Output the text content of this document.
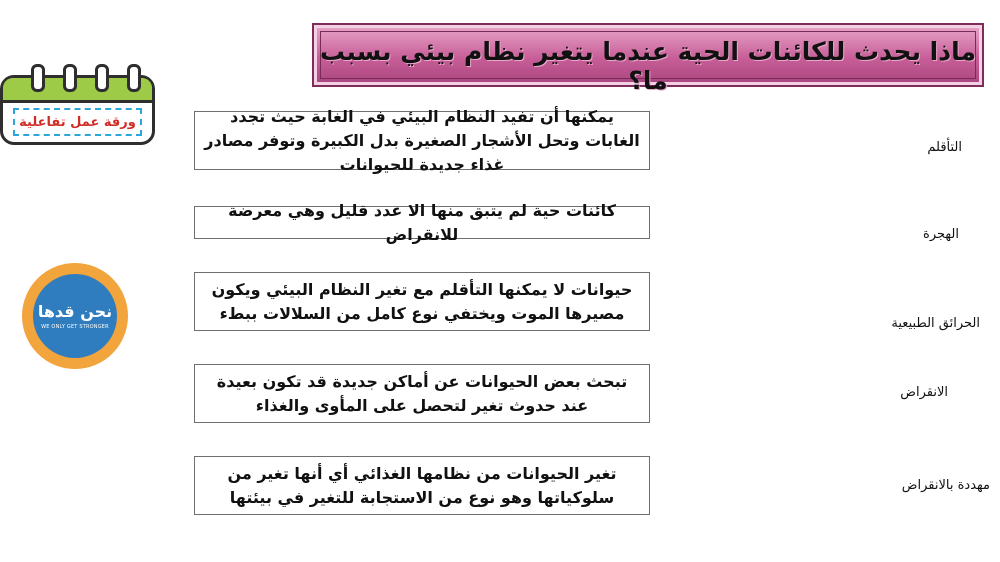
ماذا يحدث للكائنات الحية عندما يتغير نظام بيئي بسبب ما؟
ورقة عمل تفاعلية
نحن قدها
WE ONLY GET STRONGER
يمكنها أن تفيد النظام البيئي في الغابة حيث تجدد الغابات وتحل الأشجار الصغيرة بدل الكبيرة وتوفر مصادر غذاء جديدة للحيوانات
كائنات حية لم يتبق منها الا عدد قليل وهي معرضة للانقراض
حيوانات لا يمكنها التأقلم مع تغير النظام البيئي ويكون مصيرها الموت ويختفي نوع كامل من السلالات ببطء
تبحث بعض الحيوانات عن أماكن جديدة قد تكون بعيدة عند حدوث تغير لتحصل على المأوى والغذاء
تغير الحيوانات من نظامها الغذائي أي أنها تغير من سلوكياتها وهو نوع من الاستجابة للتغير في بيئتها
التأقلم
الهجرة
الحرائق الطبيعية
الانقراض
مهددة بالانقراض
